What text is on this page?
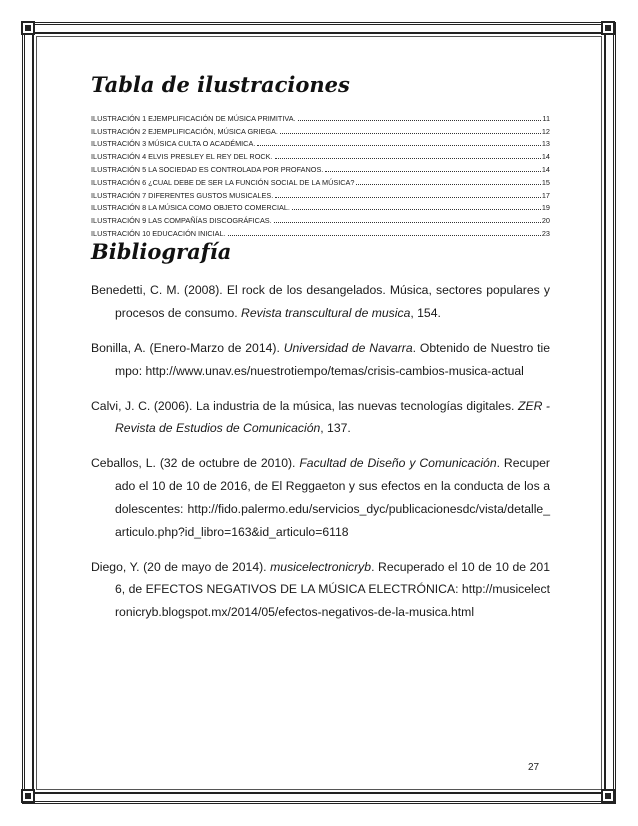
Tabla de ilustraciones
ILUSTRACIÓN 1 EJEMPLIFICACIÓN DE MÚSICA PRIMITIVA.	11
ILUSTRACIÓN 2 EJEMPLIFICACIÓN, MÚSICA GRIEGA.	12
ILUSTRACIÓN 3 MÚSICA CULTA O ACADÉMICA.	13
ILUSTRACIÓN 4 ELVIS PRESLEY EL REY DEL ROCK.	14
ILUSTRACIÓN 5 LA SOCIEDAD ES CONTROLADA POR PROFANOS.	14
ILUSTRACIÓN 6 ¿CUAL DEBE DE SER LA FUNCIÓN SOCIAL DE LA MÚSICA?	15
ILUSTRACIÓN 7 DIFERENTES GUSTOS MUSICALES.	17
ILUSTRACIÓN 8 LA MÚSICA COMO OBJETO COMERCIAL.	19
ILUSTRACIÓN 9 LAS COMPAÑÍAS DISCOGRÁFICAS.	20
ILUSTRACIÓN 10 EDUCACIÓN INICIAL.	23
Bibliografía

Benedetti, C. M. (2008). El rock de los desangelados. Música, sectores populares y procesos de consumo. Revista transcultural de musica, 154.

Bonilla, A. (Enero-Marzo de 2014). Universidad de Navarra. Obtenido de Nuestro tiempo: http://www.unav.es/nuestrotiempo/temas/crisis-cambios-musica-actual

Calvi, J. C. (2006). La industria de la música, las nuevas tecnologías digitales. ZER - Revista de Estudios de Comunicación, 137.

Ceballos, L. (32 de octubre de 2010). Facultad de Diseño y Comunicación. Recuperado el 10 de 10 de 2016, de El Reggaeton y sus efectos en la conducta de los adolescentes: http://fido.palermo.edu/servicios_dyc/publicacionesdc/vista/detalle_articulo.php?id_libro=163&id_articulo=6118

Diego, Y. (20 de mayo de 2014). musicelectronicryb. Recuperado el 10 de 10 de 2016, de EFECTOS NEGATIVOS DE LA MÚSICA ELECTRÓNICA: http://musicelectronicryb.blogspot.mx/2014/05/efectos-negativos-de-la-musica.html

27
